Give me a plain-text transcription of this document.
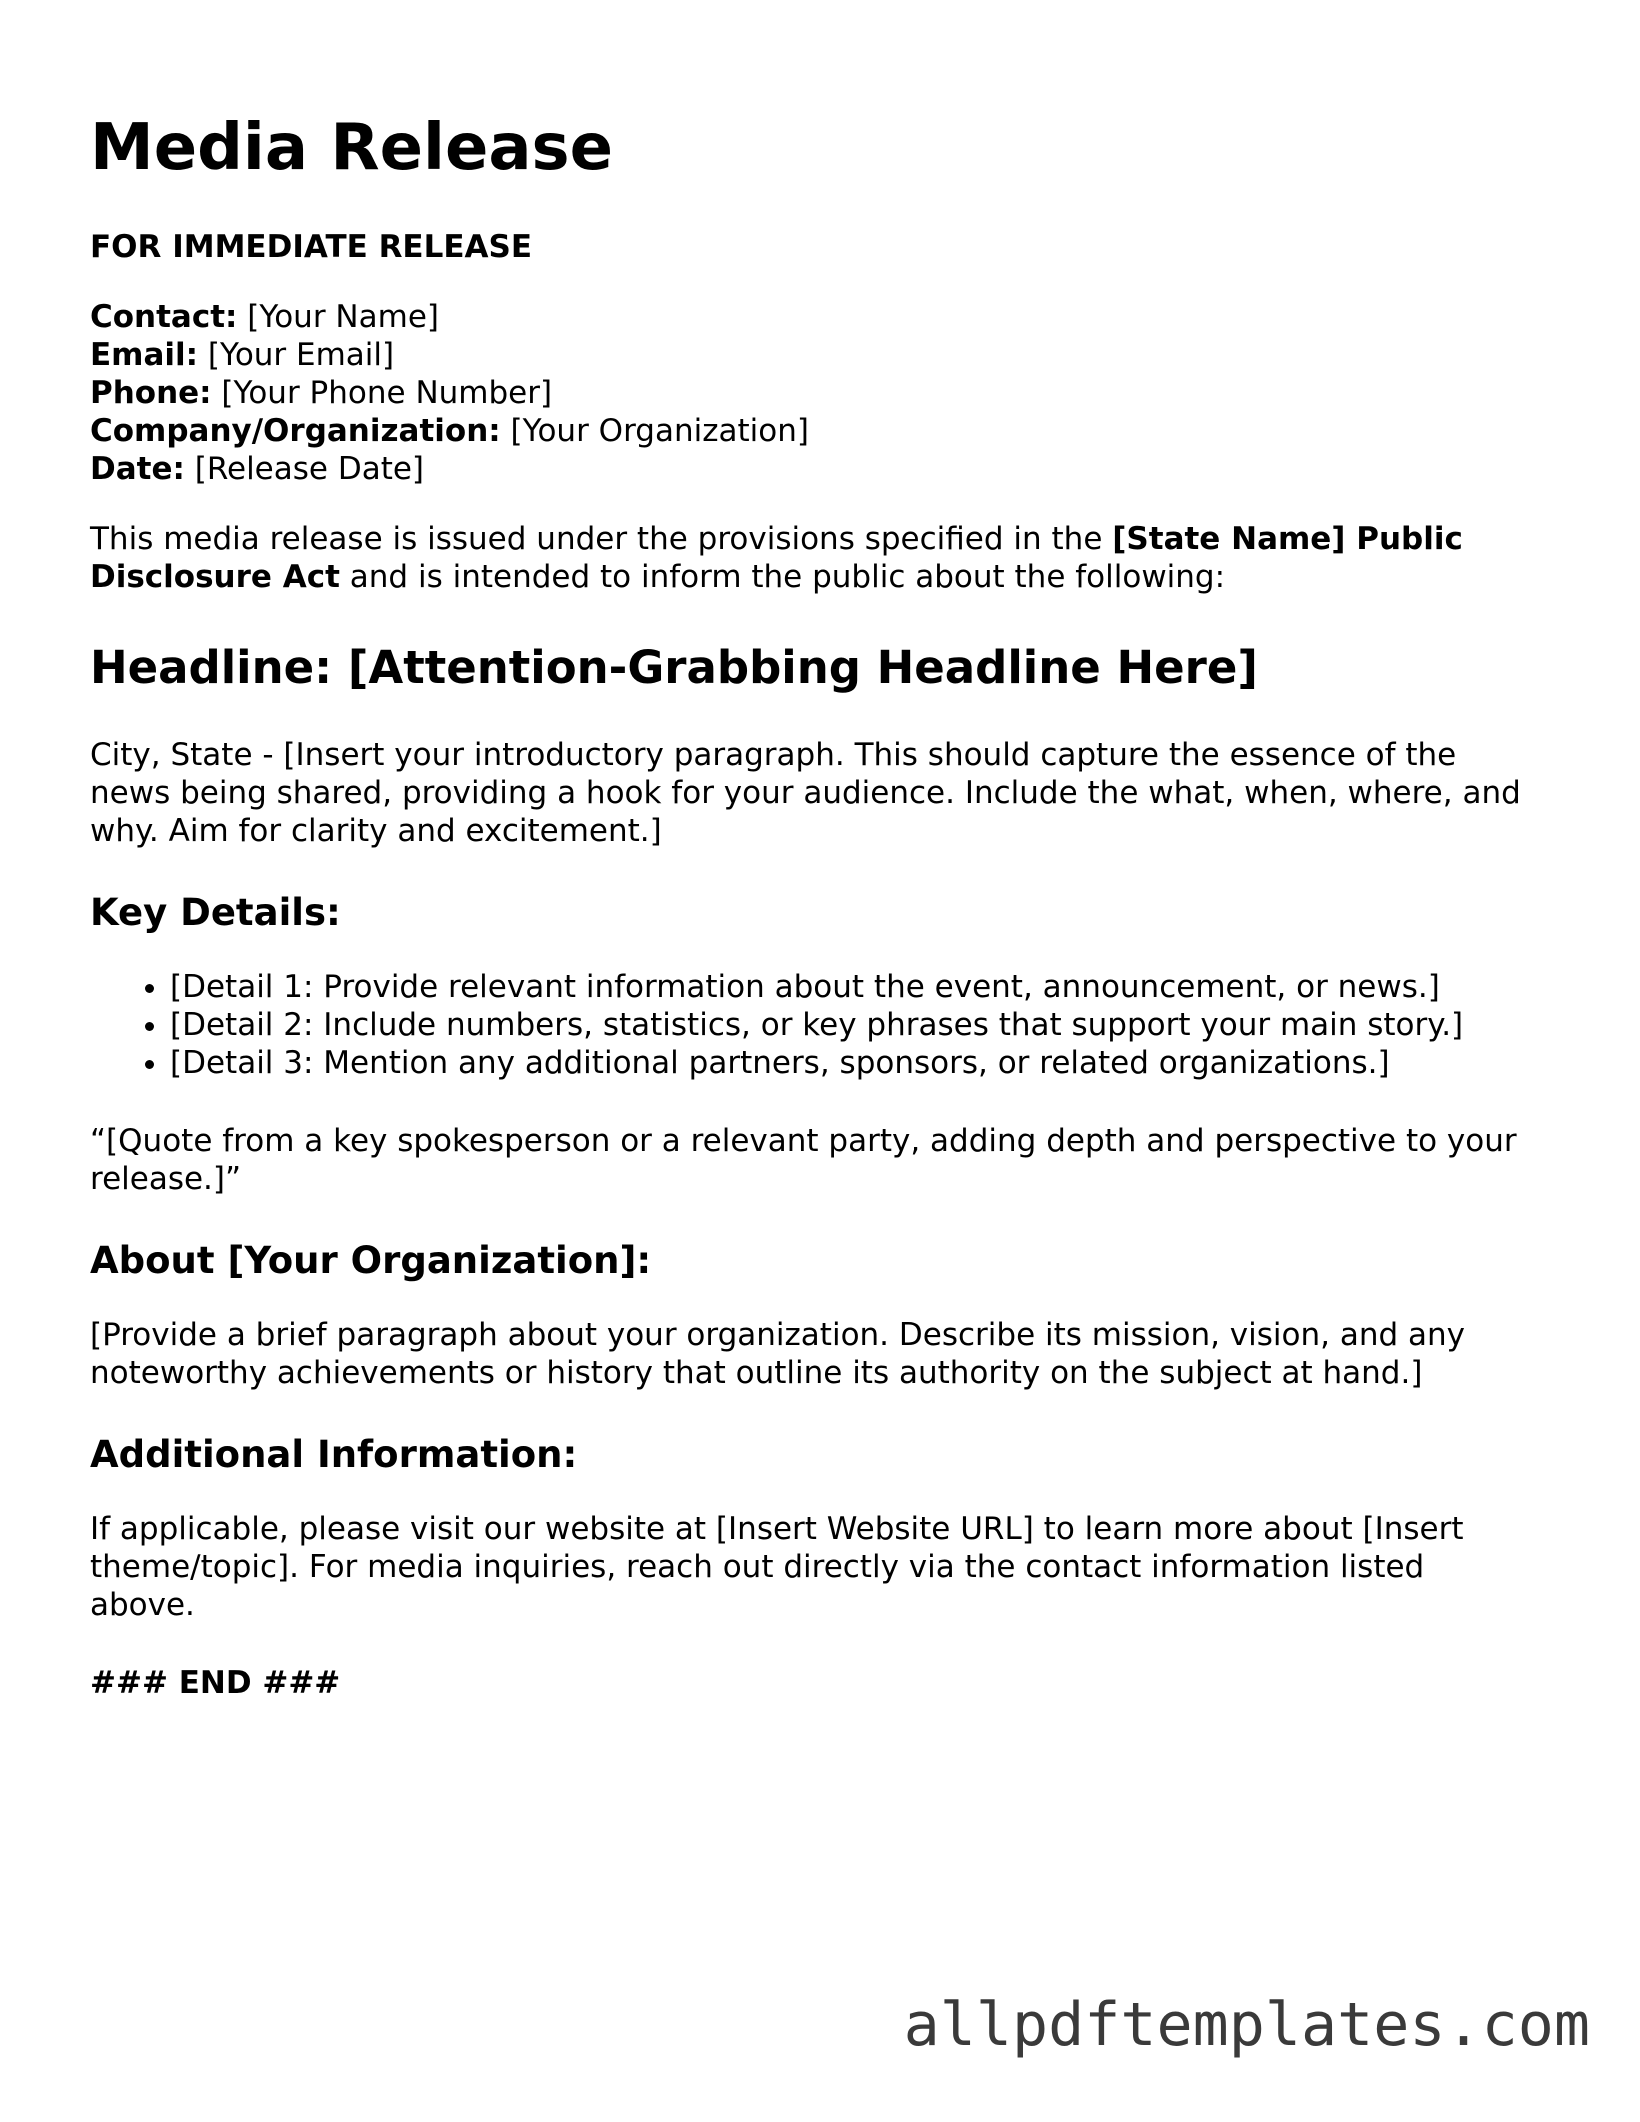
Media Release
FOR IMMEDIATE RELEASE
Contact: [Your Name]
Email: [Your Email]
Phone: [Your Phone Number]
Company/Organization: [Your Organization]
Date: [Release Date]

This media release is issued under the provisions specified in the [State Name] Public Disclosure Act and is intended to inform the public about the following:

Headline: [Attention-Grabbing Headline Here]

City, State - [Insert your introductory paragraph. This should capture the essence of the news being shared, providing a hook for your audience. Include the what, when, where, and why. Aim for clarity and excitement.]

Key Details:
• [Detail 1: Provide relevant information about the event, announcement, or news.]
• [Detail 2: Include numbers, statistics, or key phrases that support your main story.]
• [Detail 3: Mention any additional partners, sponsors, or related organizations.]

“[Quote from a key spokesperson or a relevant party, adding depth and perspective to your release.]”

About [Your Organization]:

[Provide a brief paragraph about your organization. Describe its mission, vision, and any noteworthy achievements or history that outline its authority on the subject at hand.]

Additional Information:

If applicable, please visit our website at [Insert Website URL] to learn more about [Insert theme/topic]. For media inquiries, reach out directly via the contact information listed above.

### END ###
allpdftemplates.com
